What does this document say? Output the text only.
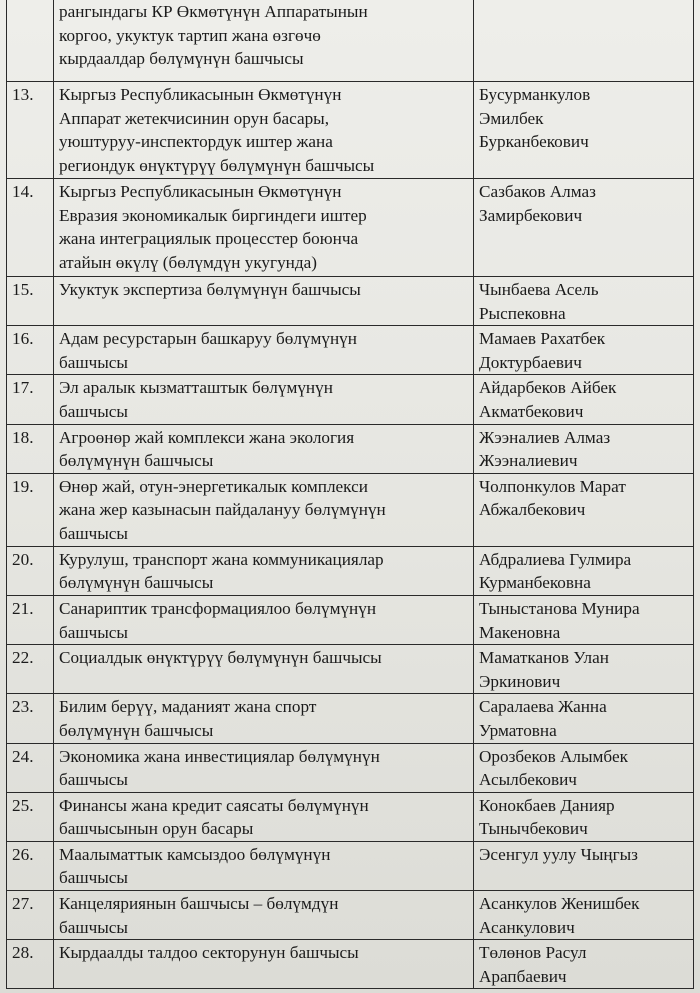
	рангындагы КР Өкмөтүнүн Аппаратынын
коргоо, укуктук тартип жана өзгөчө
кырдаалдар бөлүмүнүн башчысы	
13.	Кыргыз Республикасынын Өкмөтүнүн
Аппарат жетекчисинин орун басары,
уюштуруу-инспектордук иштер жана
региондук өнүктүрүү бөлүмүнүн башчысы	Бусурманкулов
Эмилбек
Бурканбекович
14.	Кыргыз Республикасынын Өкмөтүнүн
Евразия экономикалык биргиндеги иштер
жана интеграциялык процесстер боюнча
атайын өкүлү (бөлүмдүн укугунда)	Сазбаков Алмаз
Замирбекович
15.	Укуктук экспертиза бөлүмүнүн башчысы	Чынбаева Асель
Рыспековна
16.	Адам ресурстарын башкаруу бөлүмүнүн
башчысы	Мамаев Рахатбек
Доктурбаевич
17.	Эл аралык кызматташтык бөлүмүнүн
башчысы	Айдарбеков Айбек
Акматбекович
18.	Агроөнөр жай комплекси жана экология
бөлүмүнүн башчысы	Жээналиев Алмаз
Жээналиевич
19.	Өнөр жай, отун-энергетикалык комплекси
жана жер казынасын пайдалануу бөлүмүнүн
башчысы	Чолпонкулов Марат
Абжалбекович
20.	Курулуш, транспорт жана коммуникациялар
бөлүмүнүн башчысы	Абдралиева Гулмира
Курманбековна
21.	Санариптик трансформациялоо бөлүмүнүн
башчысы	Тыныстанова Мунира
Макеновна
22.	Социалдык өнүктүрүү бөлүмүнүн башчысы	Маматканов Улан
Эркинович
23.	Билим берүү, маданият жана спорт
бөлүмүнүн башчысы	Саралаева Жанна
Урматовна
24.	Экономика жана инвестициялар бөлүмүнүн
башчысы	Орозбеков Алымбек
Асылбекович
25.	Финансы жана кредит саясаты бөлүмүнүн
башчысынын орун басары	Конокбаев Данияр
Тынычбекович
26.	Маалыматтык камсыздоо бөлүмүнүн
башчысы	Эсенгул уулу Чыңгыз
27.	Канцеляриянын башчысы – бөлүмдүн
башчысы	Асанкулов Женишбек
Асанкулович
28.	Кырдаалды талдоо секторунун башчысы	Төлөнов Расул
Арапбаевич
